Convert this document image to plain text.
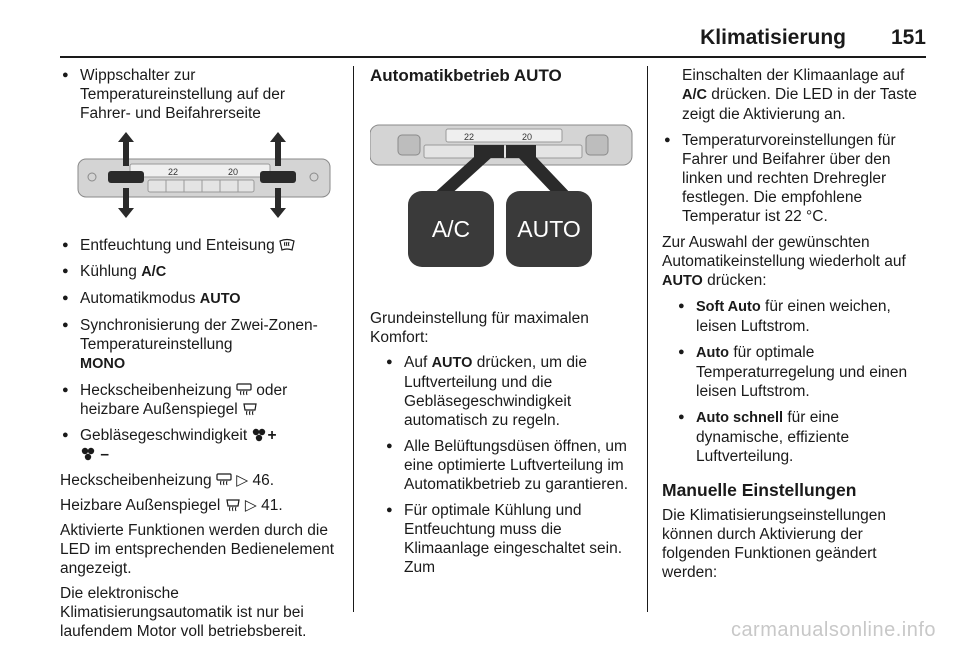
Klimatisierung 151
● Wippschalter zur Temperatureinstellung auf der Fahrer- und Beifahrerseite
22	20
● Entfeuchtung und Enteisung
● Kühlung A/C
● Automatikmodus AUTO
● Synchronisierung der Zwei-Zonen-Temperatureinstellung
MONO
● Heckscheibenheizung oder heizbare Außenspiegel
● Gebläsegeschwindigkeit +
–

Heckscheibenheizung ▷ 46.

Heizbare Außenspiegel ▷ 41.

Aktivierte Funktionen werden durch die LED im entsprechenden Bedienelement angezeigt.

Die elektronische Klimatisierungsautomatik ist nur bei laufendem Motor voll betriebsbereit.

Automatikbetrieb AUTO
22	20
A/C AUTO

Grundeinstellung für maximalen Komfort:

● Auf AUTO drücken, um die Luftverteilung und die Gebläsegeschwindigkeit automatisch zu regeln.
● Alle Belüftungsdüsen öffnen, um eine optimierte Luftverteilung im Automatikbetrieb zu garantieren.
● Für optimale Kühlung und Entfeuchtung muss die Klimaanlage eingeschaltet sein. Zum
Einschalten der Klimaanlage auf A/C drücken. Die LED in der Taste zeigt die Aktivierung an.
● Temperaturvoreinstellungen für Fahrer und Beifahrer über den linken und rechten Drehregler festlegen. Die empfohlene Temperatur ist 22 °C.

Zur Auswahl der gewünschten Automatikeinstellung wiederholt auf AUTO drücken:

● Soft Auto für einen weichen, leisen Luftstrom.
● Auto für optimale Temperaturregelung und einen leisen Luftstrom.
● Auto schnell für eine dynamische, effiziente Luftverteilung.
Manuelle Einstellungen

Die Klimatisierungseinstellungen können durch Aktivierung der folgenden Funktionen geändert werden:

carmanualsonline.info
